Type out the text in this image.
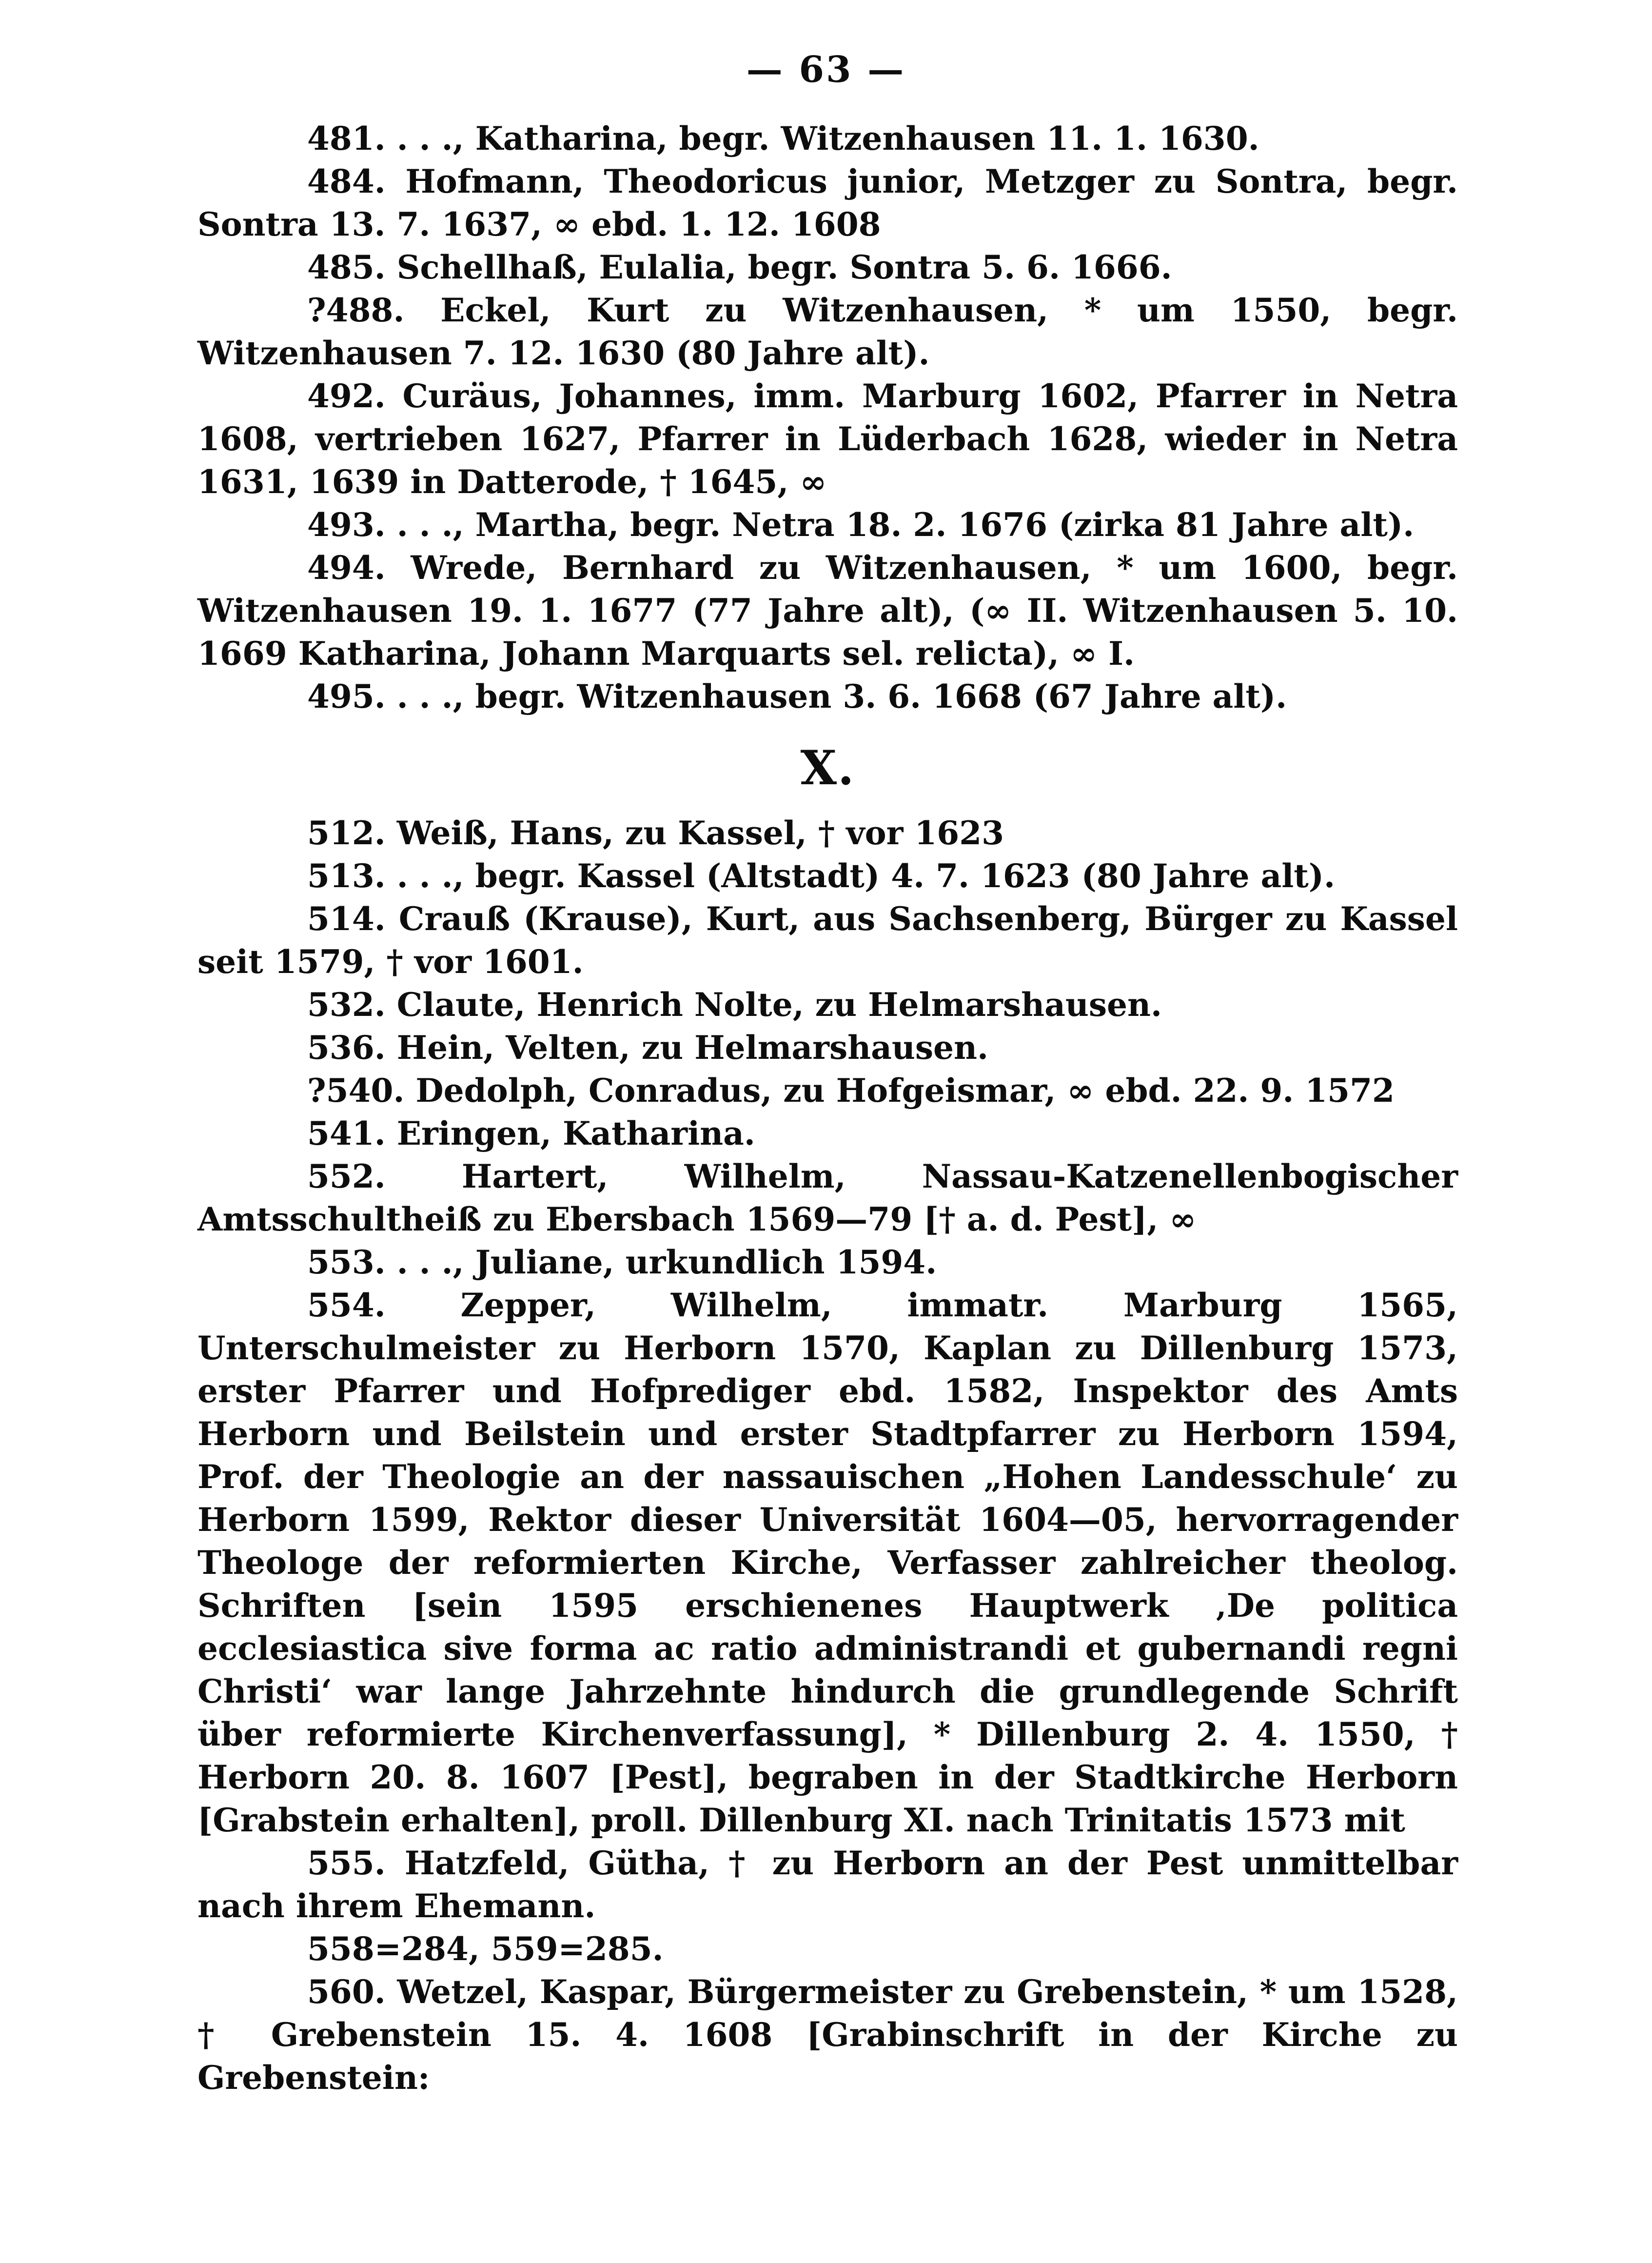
— 63 —

481. . . ., Katharina, begr. Witzenhausen 11. 1. 1630.

484. Hofmann, Theodoricus junior, Metzger zu Sontra, begr. Sontra 13. 7. 1637, ∞ ebd. 1. 12. 1608

485. Schellhaß, Eulalia, begr. Sontra 5. 6. 1666.

?488. Eckel, Kurt zu Witzenhausen, * um 1550, begr. Witzenhausen 7. 12. 1630 (80 Jahre alt).

492. Curäus, Johannes, imm. Marburg 1602, Pfarrer in Netra 1608, vertrieben 1627, Pfarrer in Lüderbach 1628, wieder in Netra 1631, 1639 in Datterode, † 1645, ∞

493. . . ., Martha, begr. Netra 18. 2. 1676 (zirka 81 Jahre alt).

494. Wrede, Bernhard zu Witzenhausen, * um 1600, begr. Witzenhausen 19. 1. 1677 (77 Jahre alt), (∞ II. Witzenhausen 5. 10. 1669 Katharina, Johann Marquarts sel. relicta), ∞ I.

495. . . ., begr. Witzenhausen 3. 6. 1668 (67 Jahre alt).

X.

512. Weiß, Hans, zu Kassel, † vor 1623

513. . . ., begr. Kassel (Altstadt) 4. 7. 1623 (80 Jahre alt).

514. Crauß (Krause), Kurt, aus Sachsenberg, Bürger zu Kassel seit 1579, † vor 1601.

532. Claute, Henrich Nolte, zu Helmarshausen.

536. Hein, Velten, zu Helmarshausen.

?540. Dedolph, Conradus, zu Hofgeismar, ∞ ebd. 22. 9. 1572

541. Eringen, Katharina.

552. Hartert, Wilhelm, Nassau-Katzenellenbogischer Amtsschultheiß zu Ebersbach 1569—79 [† a. d. Pest], ∞

553. . . ., Juliane, urkundlich 1594.

554. Zepper, Wilhelm, immatr. Marburg 1565, Unterschulmeister zu Herborn 1570, Kaplan zu Dillenburg 1573, erster Pfarrer und Hofprediger ebd. 1582, Inspektor des Amts Herborn und Beilstein und erster Stadtpfarrer zu Herborn 1594, Prof. der Theologie an der nassauischen „Hohen Landesschule‘ zu Herborn 1599, Rektor dieser Universität 1604—05, hervorragender Theologe der reformierten Kirche, Verfasser zahlreicher theolog. Schriften [sein 1595 erschienenes Hauptwerk ‚De politica ecclesiastica sive forma ac ratio administrandi et gubernandi regni Christi‘ war lange Jahrzehnte hindurch die grundlegende Schrift über reformierte Kirchenverfassung], * Dillenburg 2. 4. 1550, † Herborn 20. 8. 1607 [Pest], begraben in der Stadtkirche Herborn [Grabstein erhalten], proll. Dillenburg XI. nach Trinitatis 1573 mit

555. Hatzfeld, Gütha, † zu Herborn an der Pest unmittelbar nach ihrem Ehemann.

558=284, 559=285.

560. Wetzel, Kaspar, Bürgermeister zu Grebenstein, * um 1528, † Grebenstein 15. 4. 1608 [Grabinschrift in der Kirche zu Grebenstein:
